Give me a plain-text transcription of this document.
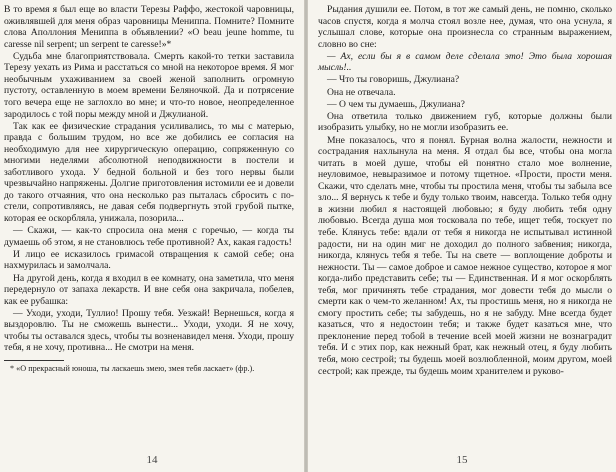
В то время я был еще во власти Терезы Раффо, жестокой чаровницы, оживлявшей для меня образ чаровницы Мениппа. Помните? Помните слова Аполлония Мениппа в объявлении? «O beau jeune homme, tu caresse nil serpent; un serpent te caresse!»*

Судьба мне благоприятствовала. Смерть какой-то тетки заставила Терезу уехать из Рима и расстаться со мной на некоторое время. Я мог необычным ухаживанием за своей женой заполнить огромную пустоту, оставленную в моем времени Беляночкой. Да и потрясение того вечера еще не заглохло во мне; и что-то новое, неопределенное зародилось с той поры между мной и Джулианой.

Так как ее физические страдания усиливались, то мы с матерью, правда с большим трудом, но все же добились ее согласия на необходимую для нее хирургическую операцию, сопряженную со многими неделями абсолютной неподвижности в постели и заботливого ухода. У бедной больной и без того нервы были чрезвычайно напряжены. Долгие приготовления истомили ее и довели до такого отчаяния, что она несколько раз пыталась сбросить с постели, сопротивляясь, не давая себя подвергнуть этой грубой пытке, которая ее оскорбляла, унижала, позорила...

— Скажи, — как-то спросила она меня с горечью, — когда ты думаешь об этом, я не становлюсь тебе противной? Ах, какая гадость!

И лицо ее исказилось гримасой отвращения к самой себе; она нахмурилась и замолчала.

На другой день, когда я входил в ее комнату, она заметила, что меня передернуло от запаха лекарств. И вне себя она закричала, побелев, как ее рубашка:

— Уходи, уходи, Туллио! Прошу тебя. Уезжай! Вернешься, когда я выздоровлю. Ты не сможешь вынести... Уходи, уходи. Я не хочу, чтобы ты оставался здесь, чтобы ты возненавидел меня. Уходи, прошу тебя, я не хочу, противна... Не смотри на меня.

* «О прекрасный юноша, ты ласкаешь змею, змея тебя ласкает» (фр.).

Рыдания душили ее. Потом, в тот же самый день, не помню, сколько часов спустя, когда я молча стоял возле нее, думая, что она уснула, я услышал слове, которые она произнесла со странным выражением, словно во сне:

— Ах, если бы я в самом деле сделала это! Это была хорошая мысль!..

— Что ты говоришь, Джулиана?

Она не отвечала.

— О чем ты думаешь, Джулиана?

Она ответила только движением губ, которые должны были изобразить улыбку, но не могли изобразить ее.

Мне показалось, что я понял. Бурная волна жалости, нежности и сострадания нахлынула на меня. Я отдал бы все, чтобы она могла читать в моей душе, чтобы ей понятно стало мое волнение, неуловимое, невыразимое и потому тщетное. «Прости, прости меня. Скажи, что сделать мне, чтобы ты простила меня, чтобы ты забыла все зло... Я вернусь к тебе и буду только твоим, навсегда. Только тебя одну в жизни любил я настоящей любовью; я буду любить тебя одну любовью. Всегда душа моя тосковала по тебе, ищет тебя, тоскует по тебе. Клянусь тебе: вдали от тебя я никогда не испытывал истинной радости, ни на один миг не доходил до полного забвения; никогда, никогда, клянусь тебя я тебе. Ты на свете — воплощение доброты и нежности. Ты — самое доброе и самое нежное существо, которое я мог когда-либо представить себе; ты — Единственная. И я мог оскорблять тебя, мог причинять тебе страдания, мог довести тебя до мысли о смерти как о чем-то желанном! Ах, ты простишь меня, но я никогда не смогу простить себе; ты забудешь, но я не забуду. Мне всегда будет казаться, что я недостоин тебя; и также будет казаться мне, что преклонение перед тобой в течение всей моей жизни не вознаградит тебя. И с этих пор, как нежный брат, как нежный отец, я буду любить тебя, мою сестрой; ты будешь моей возлюбленной, моим другом, моей сестрой; как прежде, ты будешь моим хранителем и руково-

14	15
